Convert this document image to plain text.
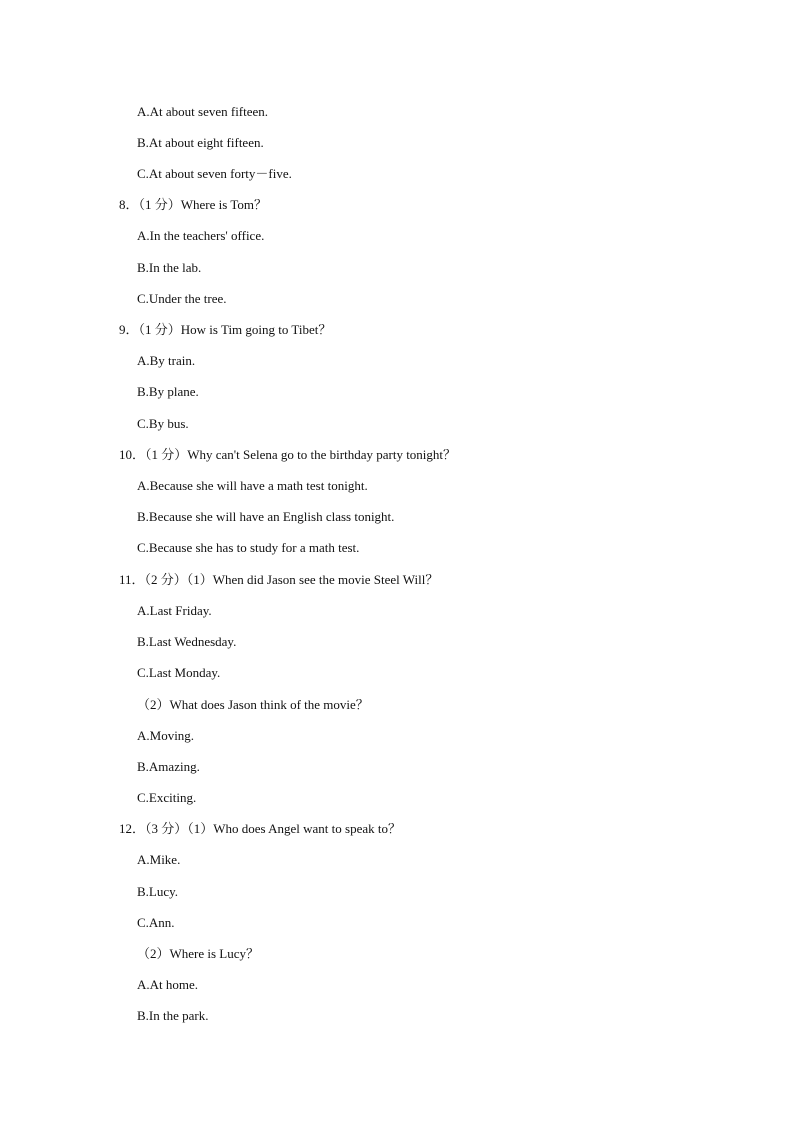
A.At about seven fifteen.
B.At about eight fifteen.
C.At about seven forty－five.
8．（1 分）Where is Tom？
A.In the teachers' office.
B.In the lab.
C.Under the tree.
9．（1 分）How is Tim going to Tibet？
A.By train.
B.By plane.
C.By bus.
10．（1 分）Why can't Selena go to the birthday party tonight？
A.Because she will have a math test tonight.
B.Because she will have an English class tonight.
C.Because she has to study for a math test.
11．（2 分）（1）When did Jason see the movie Steel Will？
A.Last Friday.
B.Last Wednesday.
C.Last Monday.
（2）What does Jason think of the movie？
A.Moving.
B.Amazing.
C.Exciting.
12．（3 分）（1）Who does Angel want to speak to？
A.Mike.
B.Lucy.
C.Ann.
（2）Where is Lucy？
A.At home.
B.In the park.
